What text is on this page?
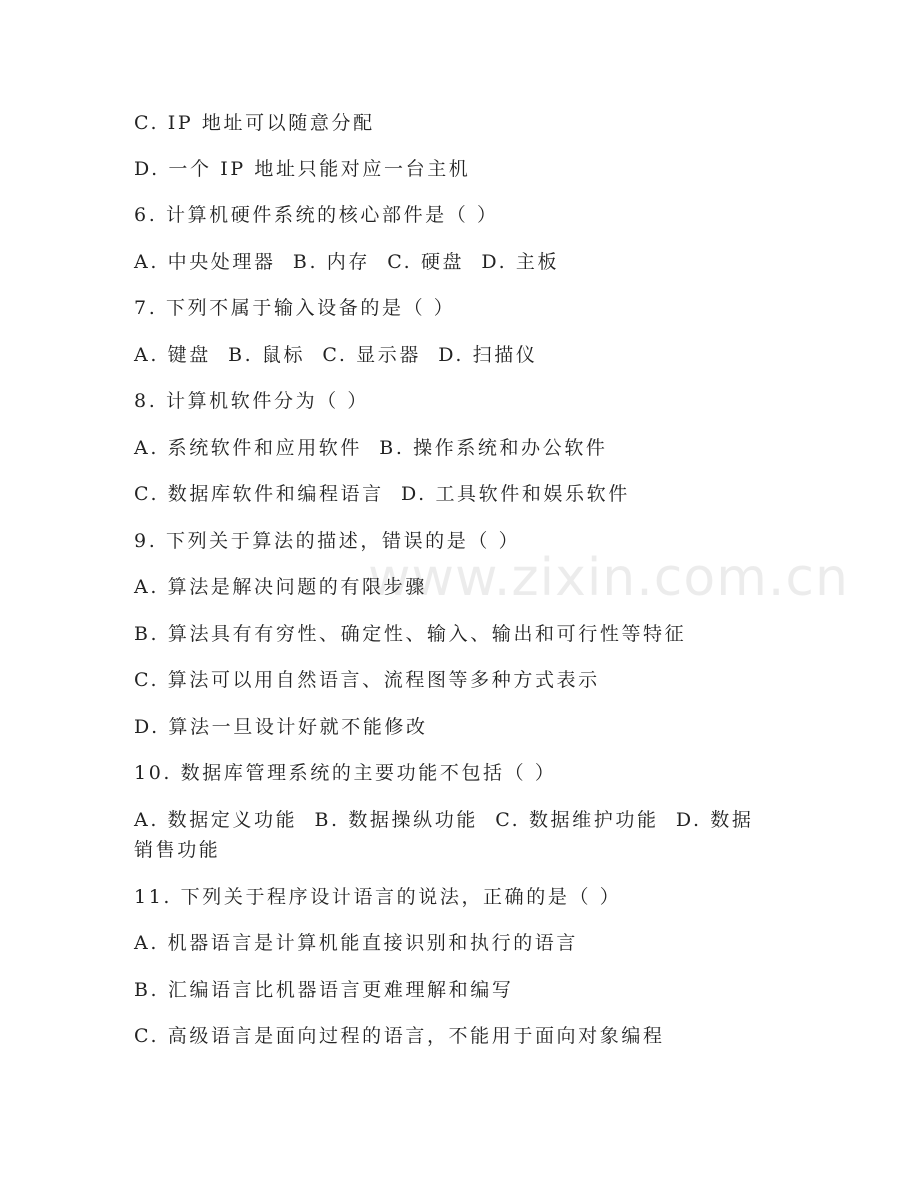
www.zixin.com.cn
C. IP 地址可以随意分配
D. 一个 IP 地址只能对应一台主机
6. 计算机硬件系统的核心部件是（ ）
A. 中央处理器  B. 内存  C. 硬盘  D. 主板
7. 下列不属于输入设备的是（ ）
A. 键盘  B. 鼠标  C. 显示器  D. 扫描仪
8. 计算机软件分为（ ）
A. 系统软件和应用软件  B. 操作系统和办公软件
C. 数据库软件和编程语言  D. 工具软件和娱乐软件
9. 下列关于算法的描述，错误的是（ ）
A. 算法是解决问题的有限步骤
B. 算法具有有穷性、确定性、输入、输出和可行性等特征
C. 算法可以用自然语言、流程图等多种方式表示
D. 算法一旦设计好就不能修改
10. 数据库管理系统的主要功能不包括（ ）
A. 数据定义功能  B. 数据操纵功能  C. 数据维护功能  D. 数据销售功能
11. 下列关于程序设计语言的说法，正确的是（ ）
A. 机器语言是计算机能直接识别和执行的语言
B. 汇编语言比机器语言更难理解和编写
C. 高级语言是面向过程的语言，不能用于面向对象编程
